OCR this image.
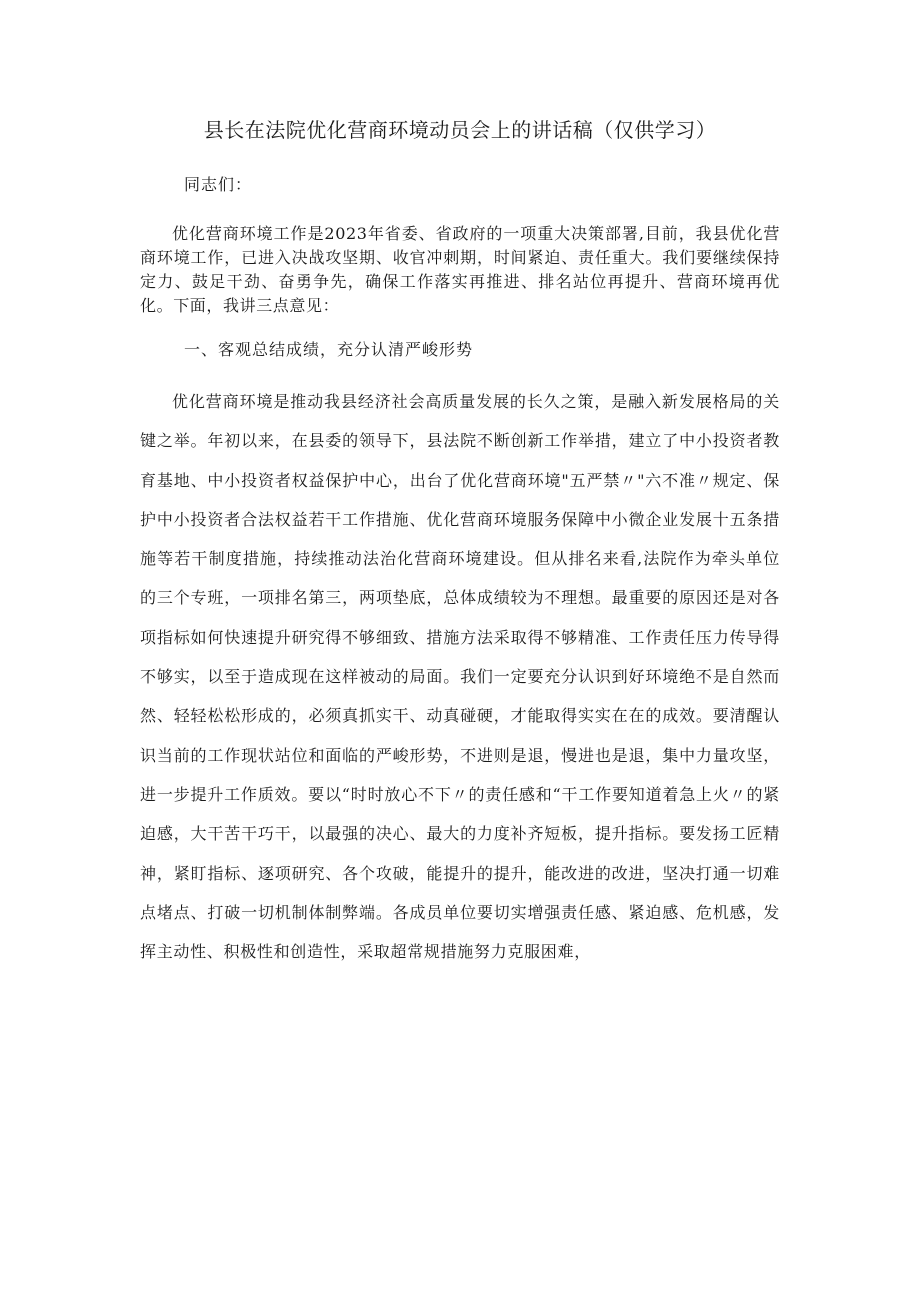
县长在法院优化营商环境动员会上的讲话稿（仅供学习）

同志们：

优化营商环境工作是2023年省委、省政府的一项重大决策部署,目前，我县优化营商环境工作，已进入决战攻坚期、收官冲刺期，时间紧迫、责任重大。我们要继续保持定力、鼓足干劲、奋勇争先，确保工作落实再推进、排名站位再提升、营商环境再优化。下面，我讲三点意见：

一、客观总结成绩，充分认清严峻形势

优化营商环境是推动我县经济社会高质量发展的长久之策，是融入新发展格局的关键之举。年初以来，在县委的领导下，县法院不断创新工作举措，建立了中小投资者教育基地、中小投资者权益保护中心，出台了优化营商环境"五严禁〃"六不准〃规定、保护中小投资者合法权益若干工作措施、优化营商环境服务保障中小微企业发展十五条措施等若干制度措施，持续推动法治化营商环境建设。但从排名来看,法院作为牵头单位的三个专班，一项排名第三，两项垫底，总体成绩较为不理想。最重要的原因还是对各项指标如何快速提升研究得不够细致、措施方法采取得不够精准、工作责任压力传导得不够实，以至于造成现在这样被动的局面。我们一定要充分认识到好环境绝不是自然而然、轻轻松松形成的，必须真抓实干、动真碰硬，才能取得实实在在的成效。要清醒认识当前的工作现状站位和面临的严峻形势，不进则是退，慢进也是退，集中力量攻坚，进一步提升工作质效。要以“时时放心不下〃的责任感和“干工作要知道着急上火〃的紧迫感，大干苦干巧干，以最强的决心、最大的力度补齐短板，提升指标。要发扬工匠精神，紧盯指标、逐项研究、各个攻破，能提升的提升，能改进的改进，坚决打通一切难点堵点、打破一切机制体制弊端。各成员单位要切实增强责任感、紧迫感、危机感，发挥主动性、积极性和创造性，采取超常规措施努力克服困难，
